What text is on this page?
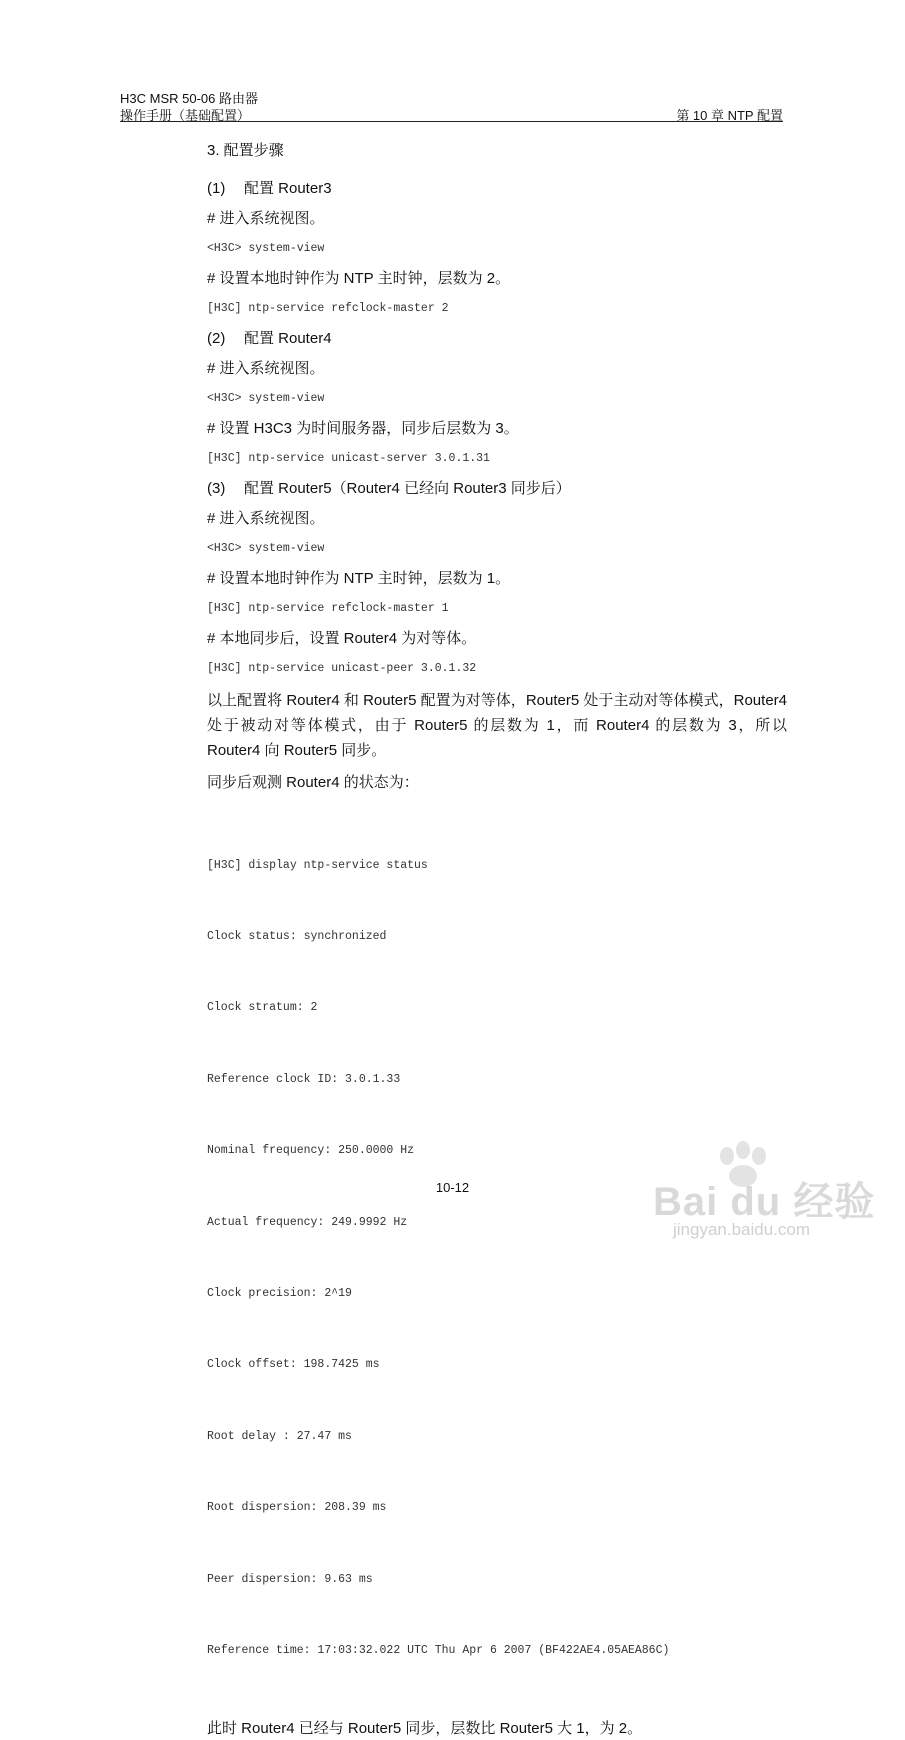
H3C MSR 50-06 路由器
操作手册（基础配置）	第 10 章 NTP 配置
3. 配置步骤
(1) 配置 Router3
# 进入系统视图。
<H3C> system-view
# 设置本地时钟作为 NTP 主时钟，层数为 2。
[H3C] ntp-service refclock-master 2
(2) 配置 Router4
# 进入系统视图。
<H3C> system-view
# 设置 H3C3 为时间服务器，同步后层数为 3。
[H3C] ntp-service unicast-server 3.0.1.31
(3) 配置 Router5（Router4 已经向 Router3 同步后）
# 进入系统视图。
<H3C> system-view
# 设置本地时钟作为 NTP 主时钟，层数为 1。
[H3C] ntp-service refclock-master 1
# 本地同步后，设置 Router4 为对等体。
[H3C] ntp-service unicast-peer 3.0.1.32
以上配置将 Router4 和 Router5 配置为对等体，Router5 处于主动对等体模式，Router4 处于被动对等体模式，由于 Router5 的层数为 1，而 Router4 的层数为 3，所以 Router4 向 Router5 同步。
同步后观测 Router4 的状态为：

[H3C] display ntp-service status

Clock status: synchronized

Clock stratum: 2

Reference clock ID: 3.0.1.33

Nominal frequency: 250.0000 Hz

Actual frequency: 249.9992 Hz

Clock precision: 2^19

Clock offset: 198.7425 ms

Root delay : 27.47 ms

Root dispersion: 208.39 ms

Peer dispersion: 9.63 ms

Reference time: 17:03:32.022 UTC Thu Apr 6 2007 (BF422AE4.05AEA86C)

此时 Router4 已经与 Router5 同步，层数比 Router5 大 1，为 2。
10-12	Bai du 经验
jingyan.baidu.com
